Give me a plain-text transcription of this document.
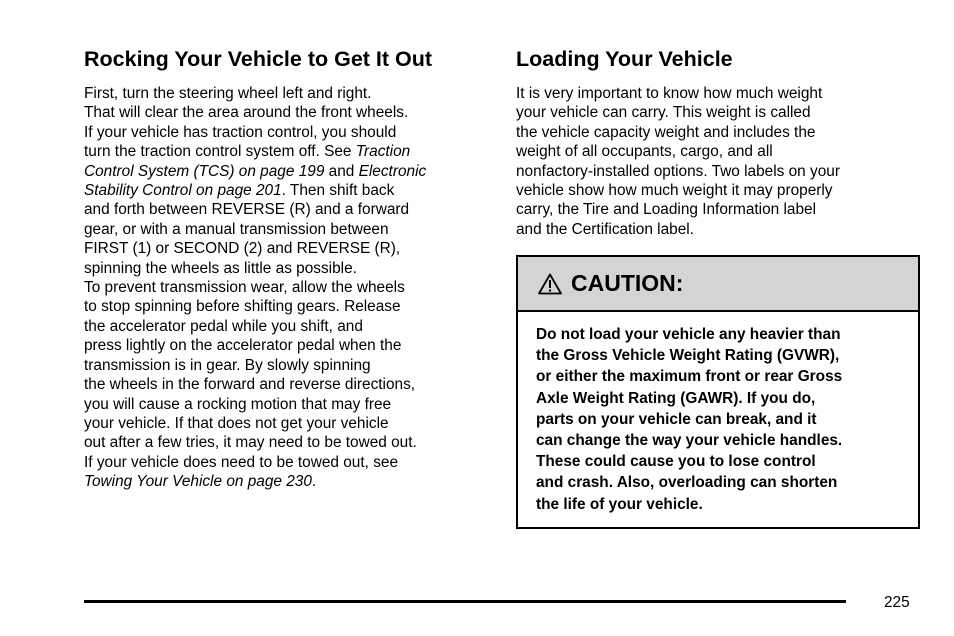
Rocking Your Vehicle to Get It Out
First, turn the steering wheel left and right.
That will clear the area around the front wheels.
If your vehicle has traction control, you should
turn the traction control system off. See Traction
Control System (TCS) on page 199 and Electronic
Stability Control on page 201. Then shift back
and forth between REVERSE (R) and a forward
gear, or with a manual transmission between
FIRST (1) or SECOND (2) and REVERSE (R),
spinning the wheels as little as possible.
To prevent transmission wear, allow the wheels
to stop spinning before shifting gears. Release
the accelerator pedal while you shift, and
press lightly on the accelerator pedal when the
transmission is in gear. By slowly spinning
the wheels in the forward and reverse directions,
you will cause a rocking motion that may free
your vehicle. If that does not get your vehicle
out after a few tries, it may need to be towed out.
If your vehicle does need to be towed out, see
Towing Your Vehicle on page 230.
Loading Your Vehicle
It is very important to know how much weight
your vehicle can carry. This weight is called
the vehicle capacity weight and includes the
weight of all occupants, cargo, and all
nonfactory-installed options. Two labels on your
vehicle show how much weight it may properly
carry, the Tire and Loading Information label
and the Certification label.
CAUTION:
Do not load your vehicle any heavier than
the Gross Vehicle Weight Rating (GVWR),
or either the maximum front or rear Gross
Axle Weight Rating (GAWR). If you do,
parts on your vehicle can break, and it
can change the way your vehicle handles.
These could cause you to lose control
and crash. Also, overloading can shorten
the life of your vehicle.
225
